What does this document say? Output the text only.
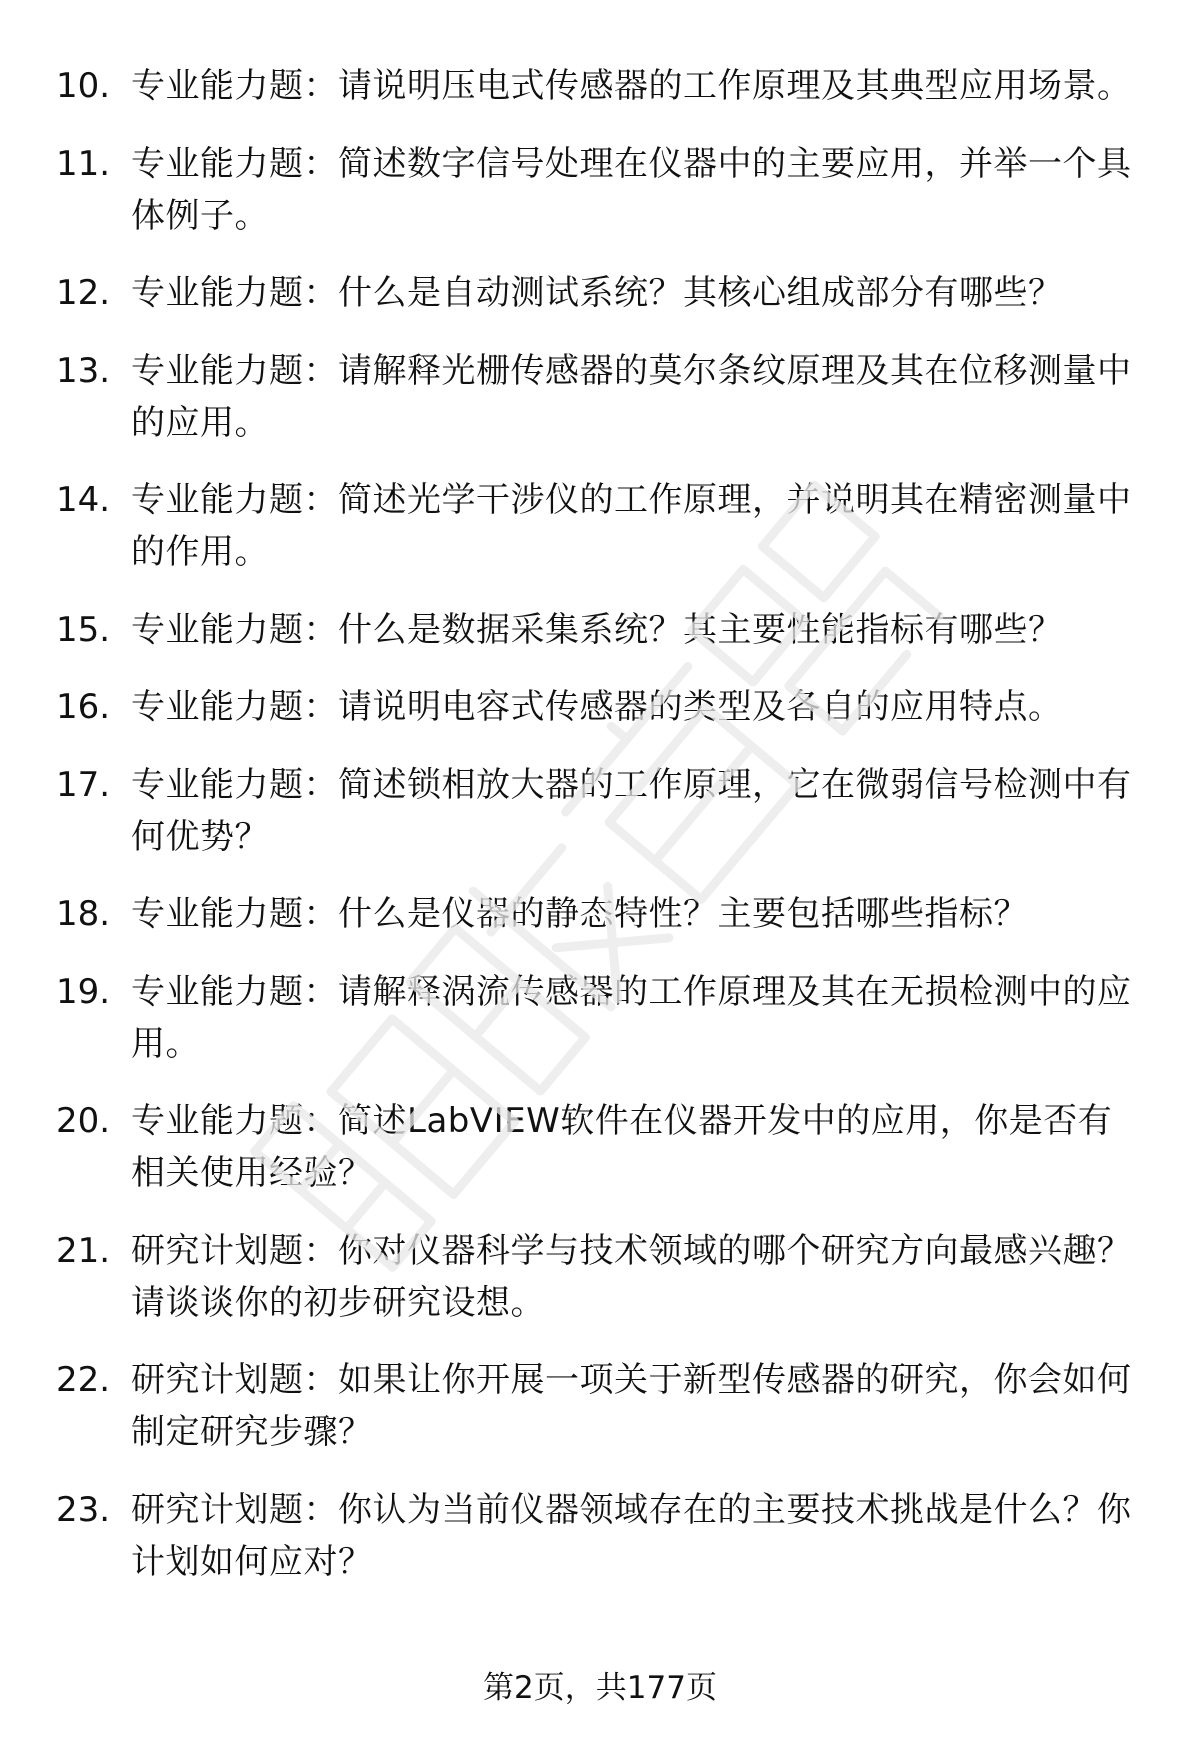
10. 专业能力题：请说明压电式传感器的工作原理及其典型应用场景。
11. 专业能力题：简述数字信号处理在仪器中的主要应用，并举一个具体例子。
12. 专业能力题：什么是自动测试系统？其核心组成部分有哪些？
13. 专业能力题：请解释光栅传感器的莫尔条纹原理及其在位移测量中的应用。
14. 专业能力题：简述光学干涉仪的工作原理，并说明其在精密测量中的作用。
15. 专业能力题：什么是数据采集系统？其主要性能指标有哪些？
16. 专业能力题：请说明电容式传感器的类型及各自的应用特点。
17. 专业能力题：简述锁相放大器的工作原理，它在微弱信号检测中有何优势？
18. 专业能力题：什么是仪器的静态特性？主要包括哪些指标？
19. 专业能力题：请解释涡流传感器的工作原理及其在无损检测中的应用。
20. 专业能力题：简述LabVIEW软件在仪器开发中的应用，你是否有相关使用经验？
21. 研究计划题：你对仪器科学与技术领域的哪个研究方向最感兴趣？请谈谈你的初步研究设想。
22. 研究计划题：如果让你开展一项关于新型传感器的研究，你会如何制定研究步骤？
23. 研究计划题：你认为当前仪器领域存在的主要技术挑战是什么？你计划如何应对？
第2页，共177页
